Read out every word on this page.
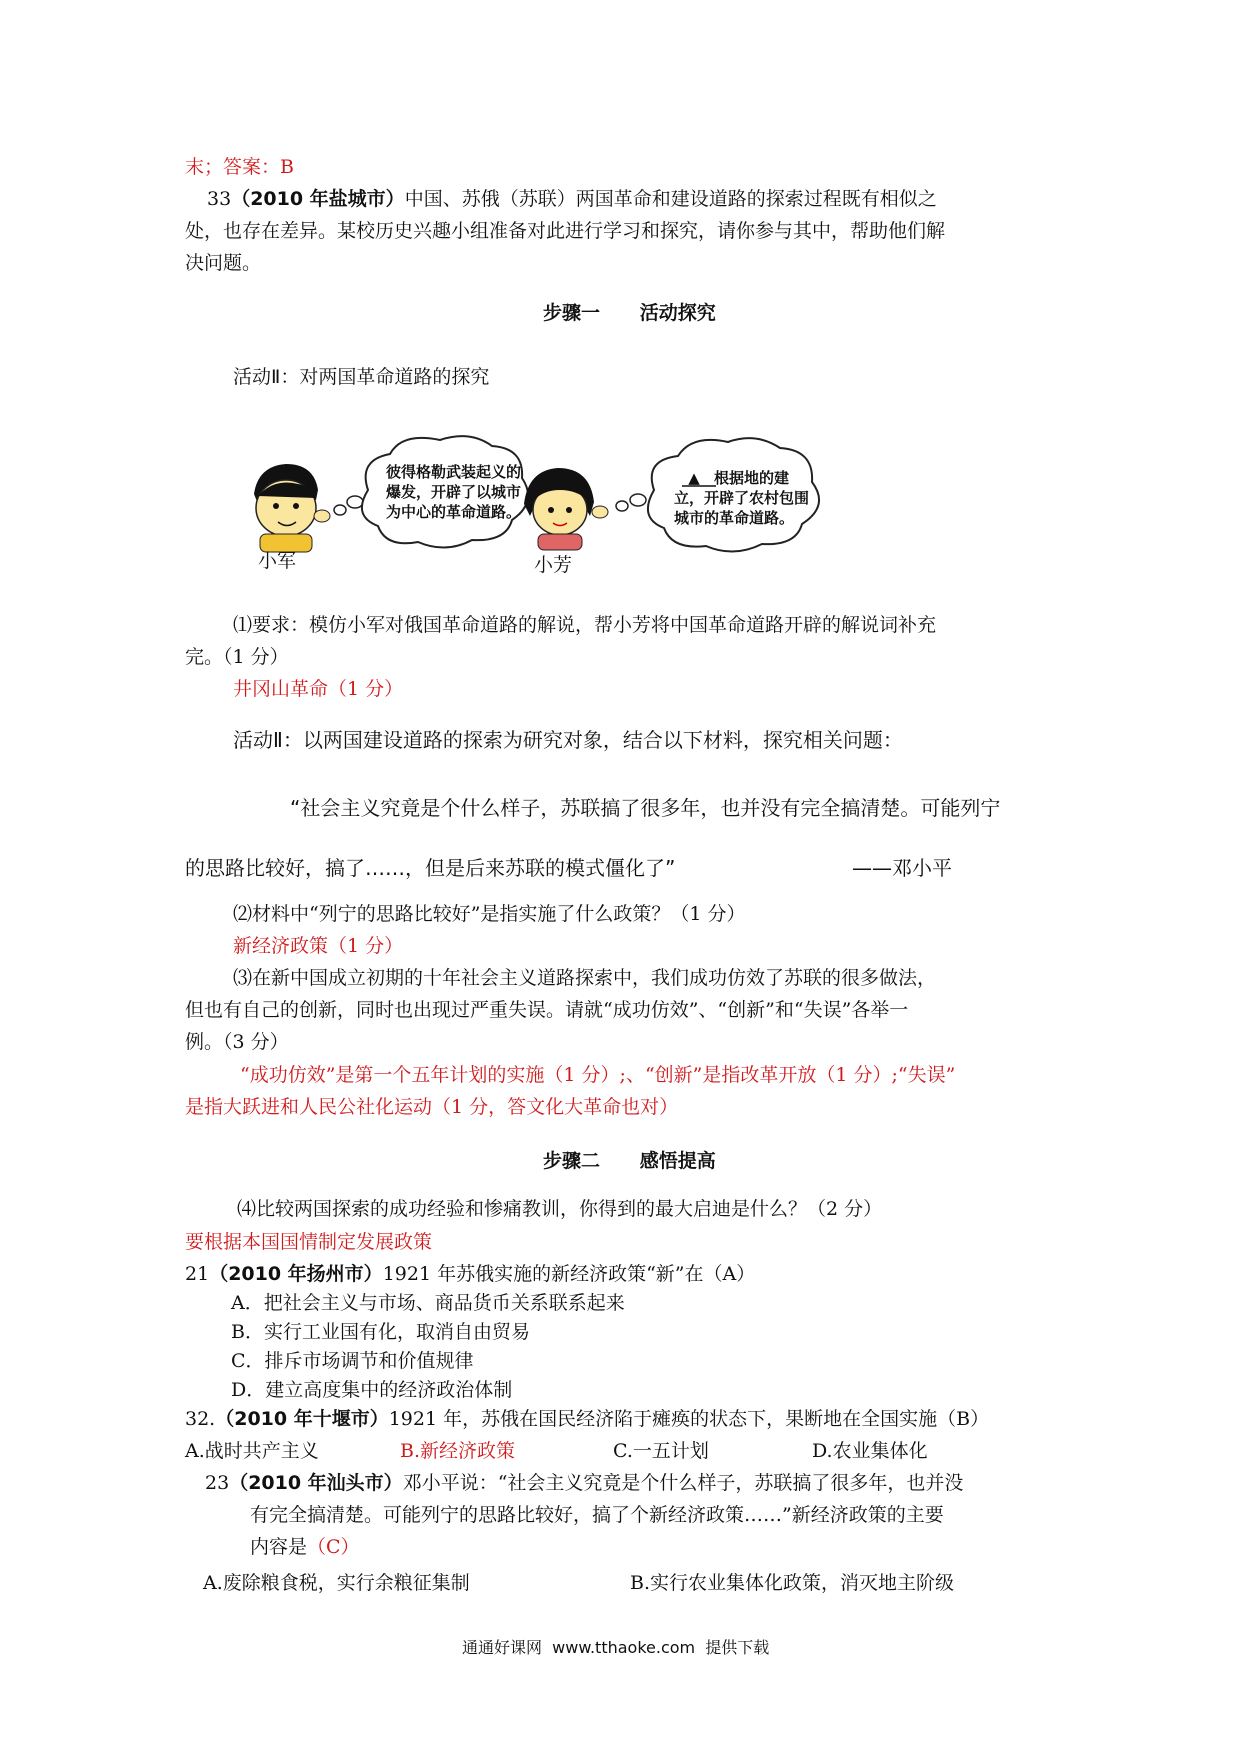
末；答案：B
33（2010 年盐城市）中国、苏俄（苏联）两国革命和建设道路的探索过程既有相似之
处，也存在差异。某校历史兴趣小组准备对此进行学习和探究，请你参与其中，帮助他们解
决问题。
步骤一      活动探究
活动Ⅱ：对两国革命道路的探究
彼得格勒武装起义的
爆发，开辟了以城市
为中心的革命道路。
▲ 根据地的建
立，开辟了农村包围
城市的革命道路。
小军	小芳
⑴要求：模仿小军对俄国革命道路的解说，帮小芳将中国革命道路开辟的解说词补充
完。（1 分）
井冈山革命（1 分）
活动Ⅱ：以两国建设道路的探索为研究对象，结合以下材料，探究相关问题：
“社会主义究竟是个什么样子，苏联搞了很多年，也并没有完全搞清楚。可能列宁
的思路比较好，搞了……，但是后来苏联的模式僵化了”	——邓小平
⑵材料中“列宁的思路比较好”是指实施了什么政策？（1 分）
新经济政策（1 分）
⑶在新中国成立初期的十年社会主义道路探索中，我们成功仿效了苏联的很多做法，
但也有自己的创新，同时也出现过严重失误。请就“成功仿效”、“创新”和“失误”各举一
例。（3 分）
“成功仿效”是第一个五年计划的实施（1 分）;、“创新”是指改革开放（1 分）;“失误”
是指大跃进和人民公社化运动（1 分，答文化大革命也对）
步骤二      感悟提高
⑷比较两国探索的成功经验和惨痛教训，你得到的最大启迪是什么？（2 分）
要根据本国国情制定发展政策
21（2010 年扬州市）1921 年苏俄实施的新经济政策“新”在（A）
A．把社会主义与市场、商品货币关系联系起来
B．实行工业国有化，取消自由贸易
C．排斥市场调节和价值规律
D．建立高度集中的经济政治体制
32.（2010 年十堰市）1921 年，苏俄在国民经济陷于瘫痪的状态下，果断地在全国实施（B）
A.战时共产主义	B.新经济政策	C.一五计划	D.农业集体化
23（2010 年汕头市）邓小平说：“社会主义究竟是个什么样子，苏联搞了很多年，也并没
有完全搞清楚。可能列宁的思路比较好，搞了个新经济政策……”新经济政策的主要
内容是（C）
A.废除粮食税，实行余粮征集制	B.实行农业集体化政策，消灭地主阶级
通通好课网  www.tthaoke.com  提供下载
